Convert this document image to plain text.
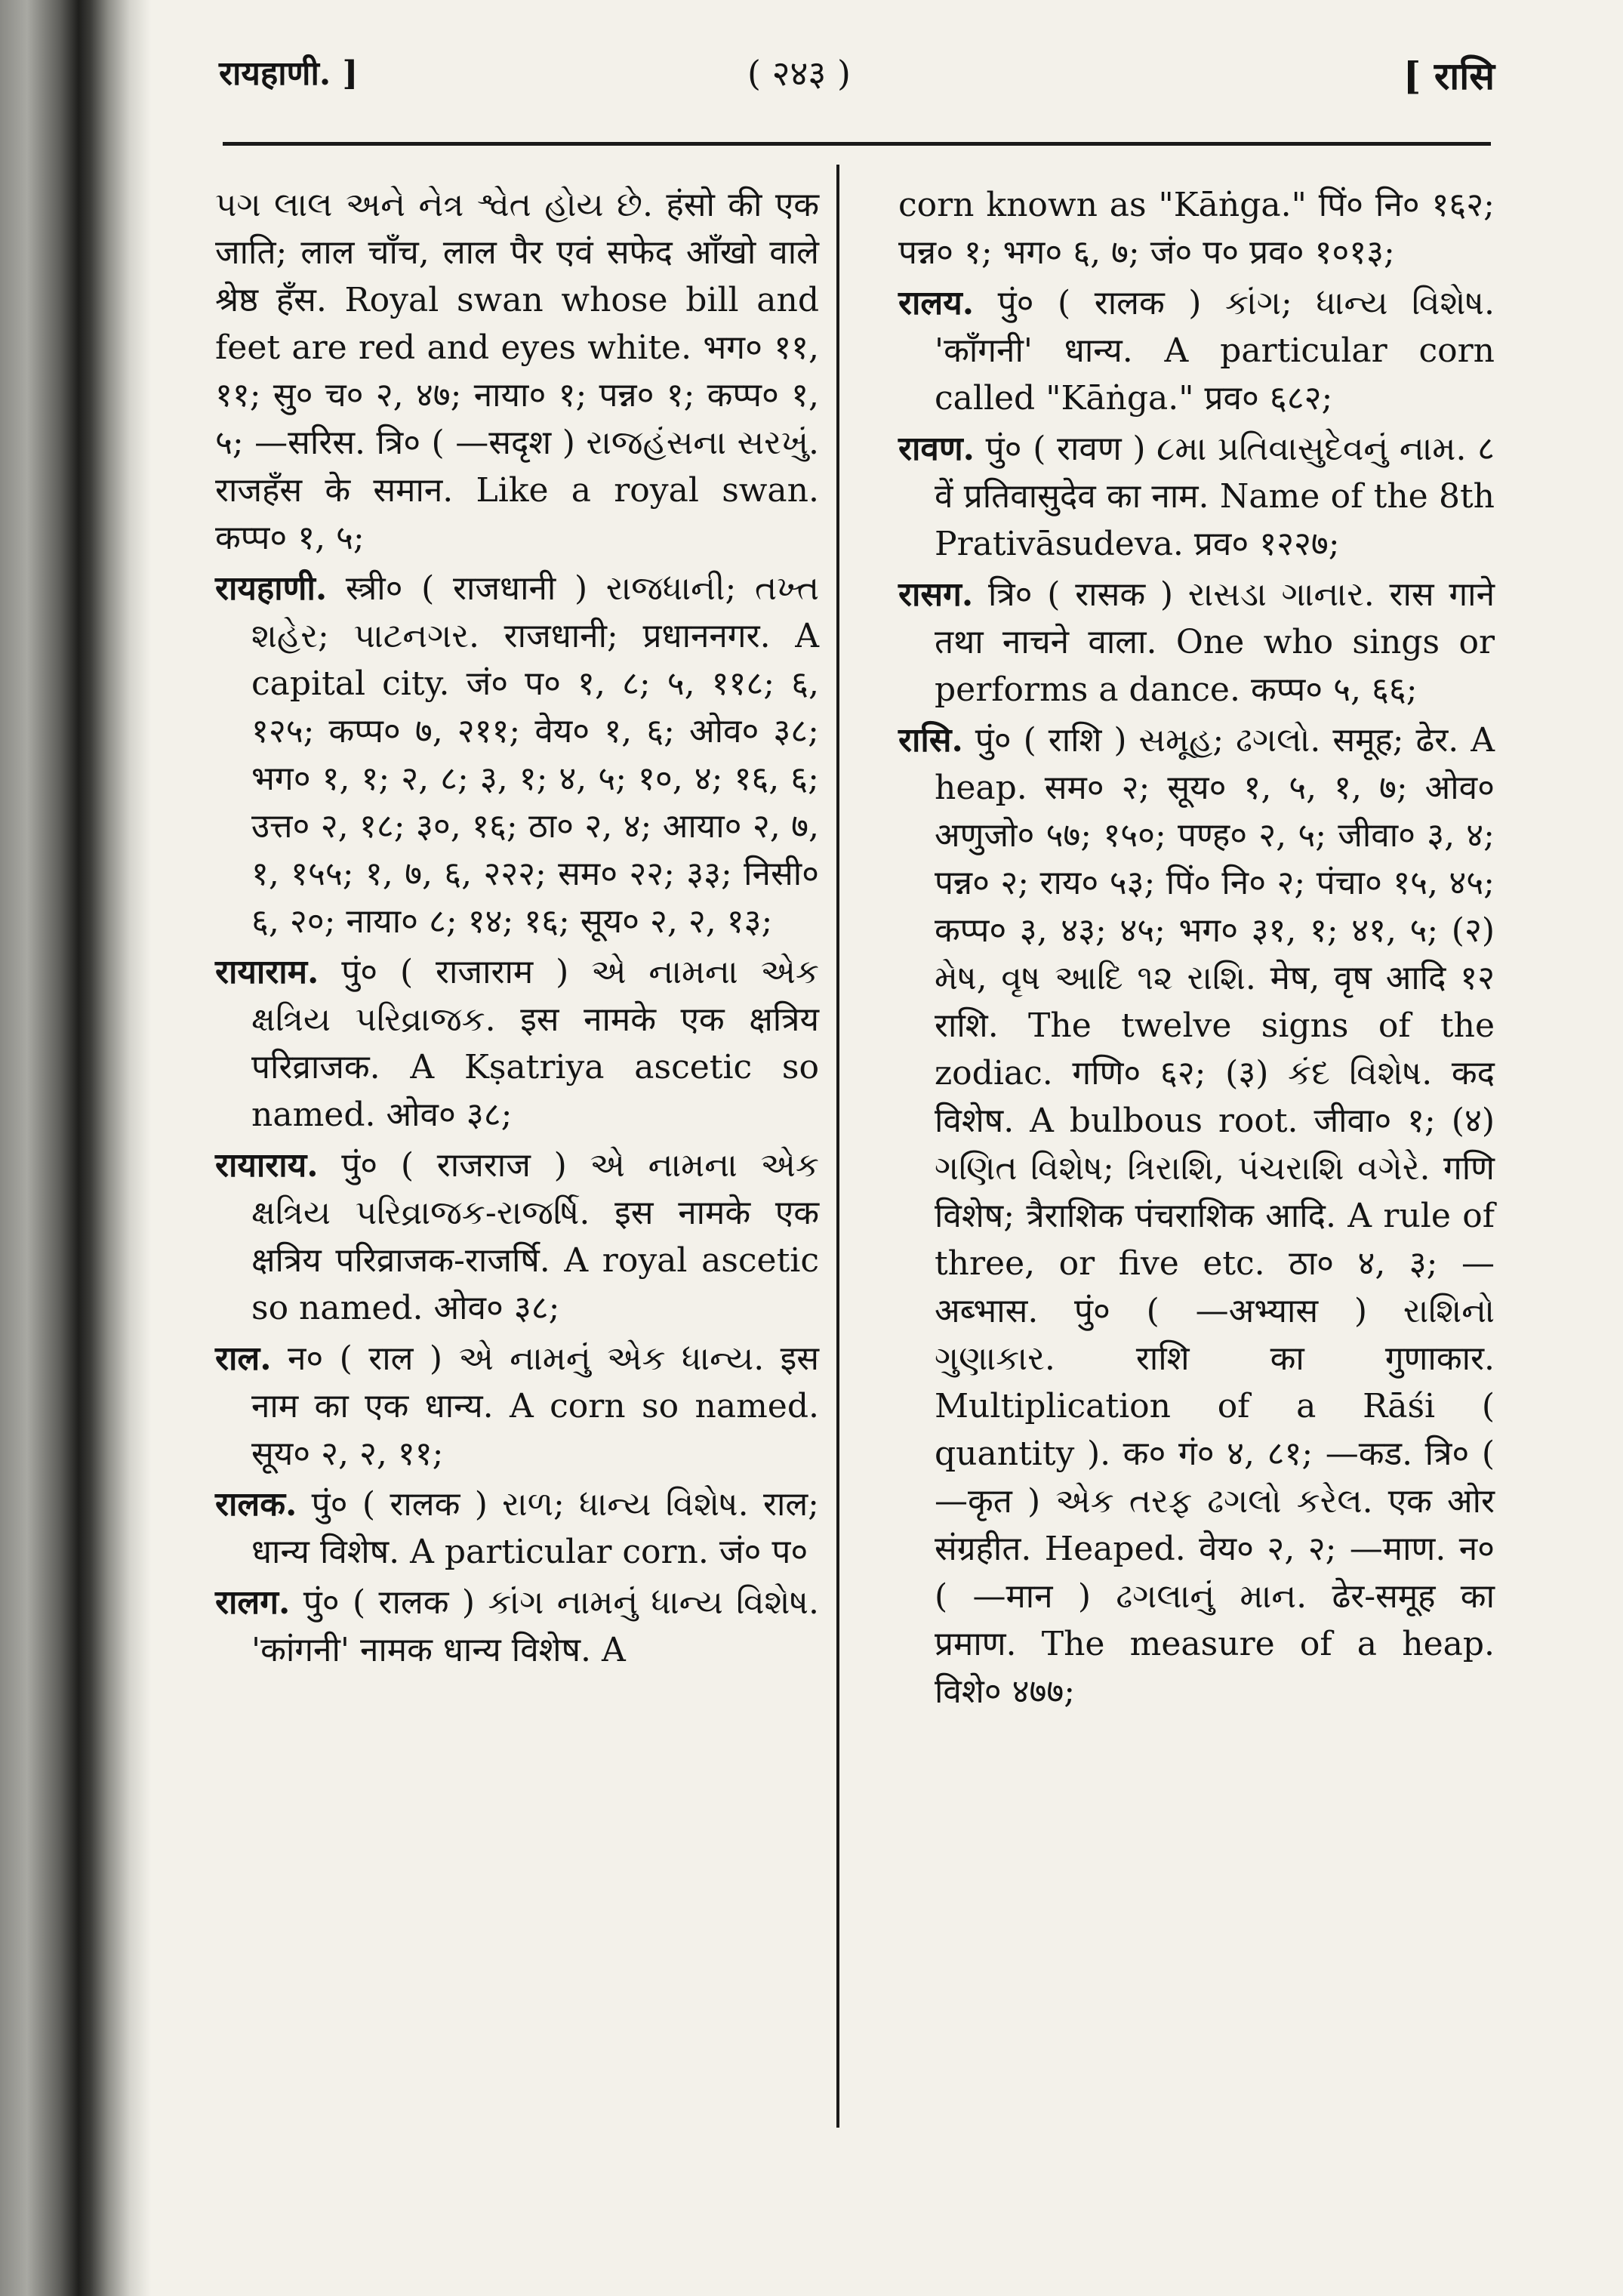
रायहाणी. ]	( २४३ )	[ रासि

પગ લાલ અને નેત્ર શ્વેત હોય છે. हंसो की एक जाति; लाल चाँच, लाल पैर एवं सफेद आँखो वाले श्रेष्ठ हँस. Royal swan whose bill and feet are red and eyes white. भग० ११, ११; सु० च० २, ४७; नाया० १; पन्न० १; कप्प० १, ५; —सरिस. त्रि० ( —सदृश ) રાજહંસના સરખું. राजहँस के समान. Like a royal swan. कप्प० १, ५;

रायहाणी. स्त्री० ( राजधानी ) રાજધાની; તખ્ત શહેર; પાટનગર. राजधानी; प्रधाननगर. A capital city. जं० प० १, ८; ५, ११८; ६, १२५; कप्प० ७, २११; वेय० १, ६; ओव० ३८; भग० १, १; २, ८; ३, १; ४, ५; १०, ४; १६, ६; उत्त० २, १८; ३०, १६; ठा० २, ४; आया० २, ७, १, १५५; १, ७, ६, २२२; सम० २२; ३३; निसी० ६, २०; नाया० ८; १४; १६; सूय० २, २, १३;

रायाराम. पुं० ( राजाराम ) એ નામના એક ક્ષત્રિય પરિવ્રાજક. इस नामके एक क्षत्रिय परिव्राजक. A Kṣatriya ascetic so named. ओव० ३८;

रायाराय. पुं० ( राजराज ) એ નામના એક ક્ષત્રિય પરિવ્રાજક-રાજર્ષિ. इस नामके एक क्षत्रिय परिव्राजक-राजर्षि. A royal ascetic so named. ओव० ३८;

राल. न० ( राल ) એ નામનું એક ધાન્ય. इस नाम का एक धान्य. A corn so named. सूय० २, २, ११;

रालक. पुं० ( रालक ) રાળ; ધાન્ય વિશેષ. राल; धान्य विशेष. A particular corn. जं० प०

रालग. पुं० ( रालक ) કાંગ નામનું ધાન્ય વિશેષ. 'कांगनी' नामक धान्य विशेष. A

corn known as "Kāṅga." पिं० नि० १६२; पन्न० १; भग० ६, ७; जं० प० प्रव० १०१३;

रालय. पुं० ( रालक ) કાંગ; ધાન્ય વિશેષ. 'काँगनी' धान्य. A particular corn called "Kāṅga." प्रव० ६८२;

रावण. पुं० ( रावण ) ૮મા પ્રતિવાસુદેવનું નામ. ८ वें प्रतिवासुदेव का नाम. Name of the 8th Prativāsudeva. प्रव० १२२७;

रासग. त्रि० ( रासक ) રાસડા ગાનાર. रास गाने तथा नाचने वाला. One who sings or performs a dance. कप्प० ५, ६६;

रासि. पुं० ( राशि ) સમૂહ; ઢગલો. समूह; ढेर. A heap. सम० २; सूय० १, ५, १, ७; ओव० अणुजो० ५७; १५०; पण्ह० २, ५; जीवा० ३, ४; पन्न० २; राय० ५३; पिं० नि० २; पंचा० १५, ४५; कप्प० ३, ४३; ४५; भग० ३१, १; ४१, ५; (२) મેષ, વૃષ આદિ ૧૨ રાશિ. मेष, वृष आदि १२ राशि. The twelve signs of the zodiac. गणि० ६२; (३) કંદ વિશેષ. कद विशेष. A bulbous root. जीवा० १; (४) ગણિત વિશેષ; ત્રિરાશિ, પંચરાશિ વગેરે. गणि विशेष; त्रैराशिक पंचराशिक आदि. A rule of three, or five etc. ठा० ४, ३; —अब्भास. पुं० ( —अभ्यास ) રાશિનો ગુણાકાર. राशि का गुणाकार. Multiplication of a Rāśi ( quantity ). क० गं० ४, ८१; —कड. त्रि० ( —कृत ) એક તરફ ઢગલો કરેલ. एक ओर संग्रहीत. Heaped. वेय० २, २; —माण. न० ( —मान ) ઢગલાનું માન. ढेर-समूह का प्रमाण. The measure of a heap. विशे० ४७७;
